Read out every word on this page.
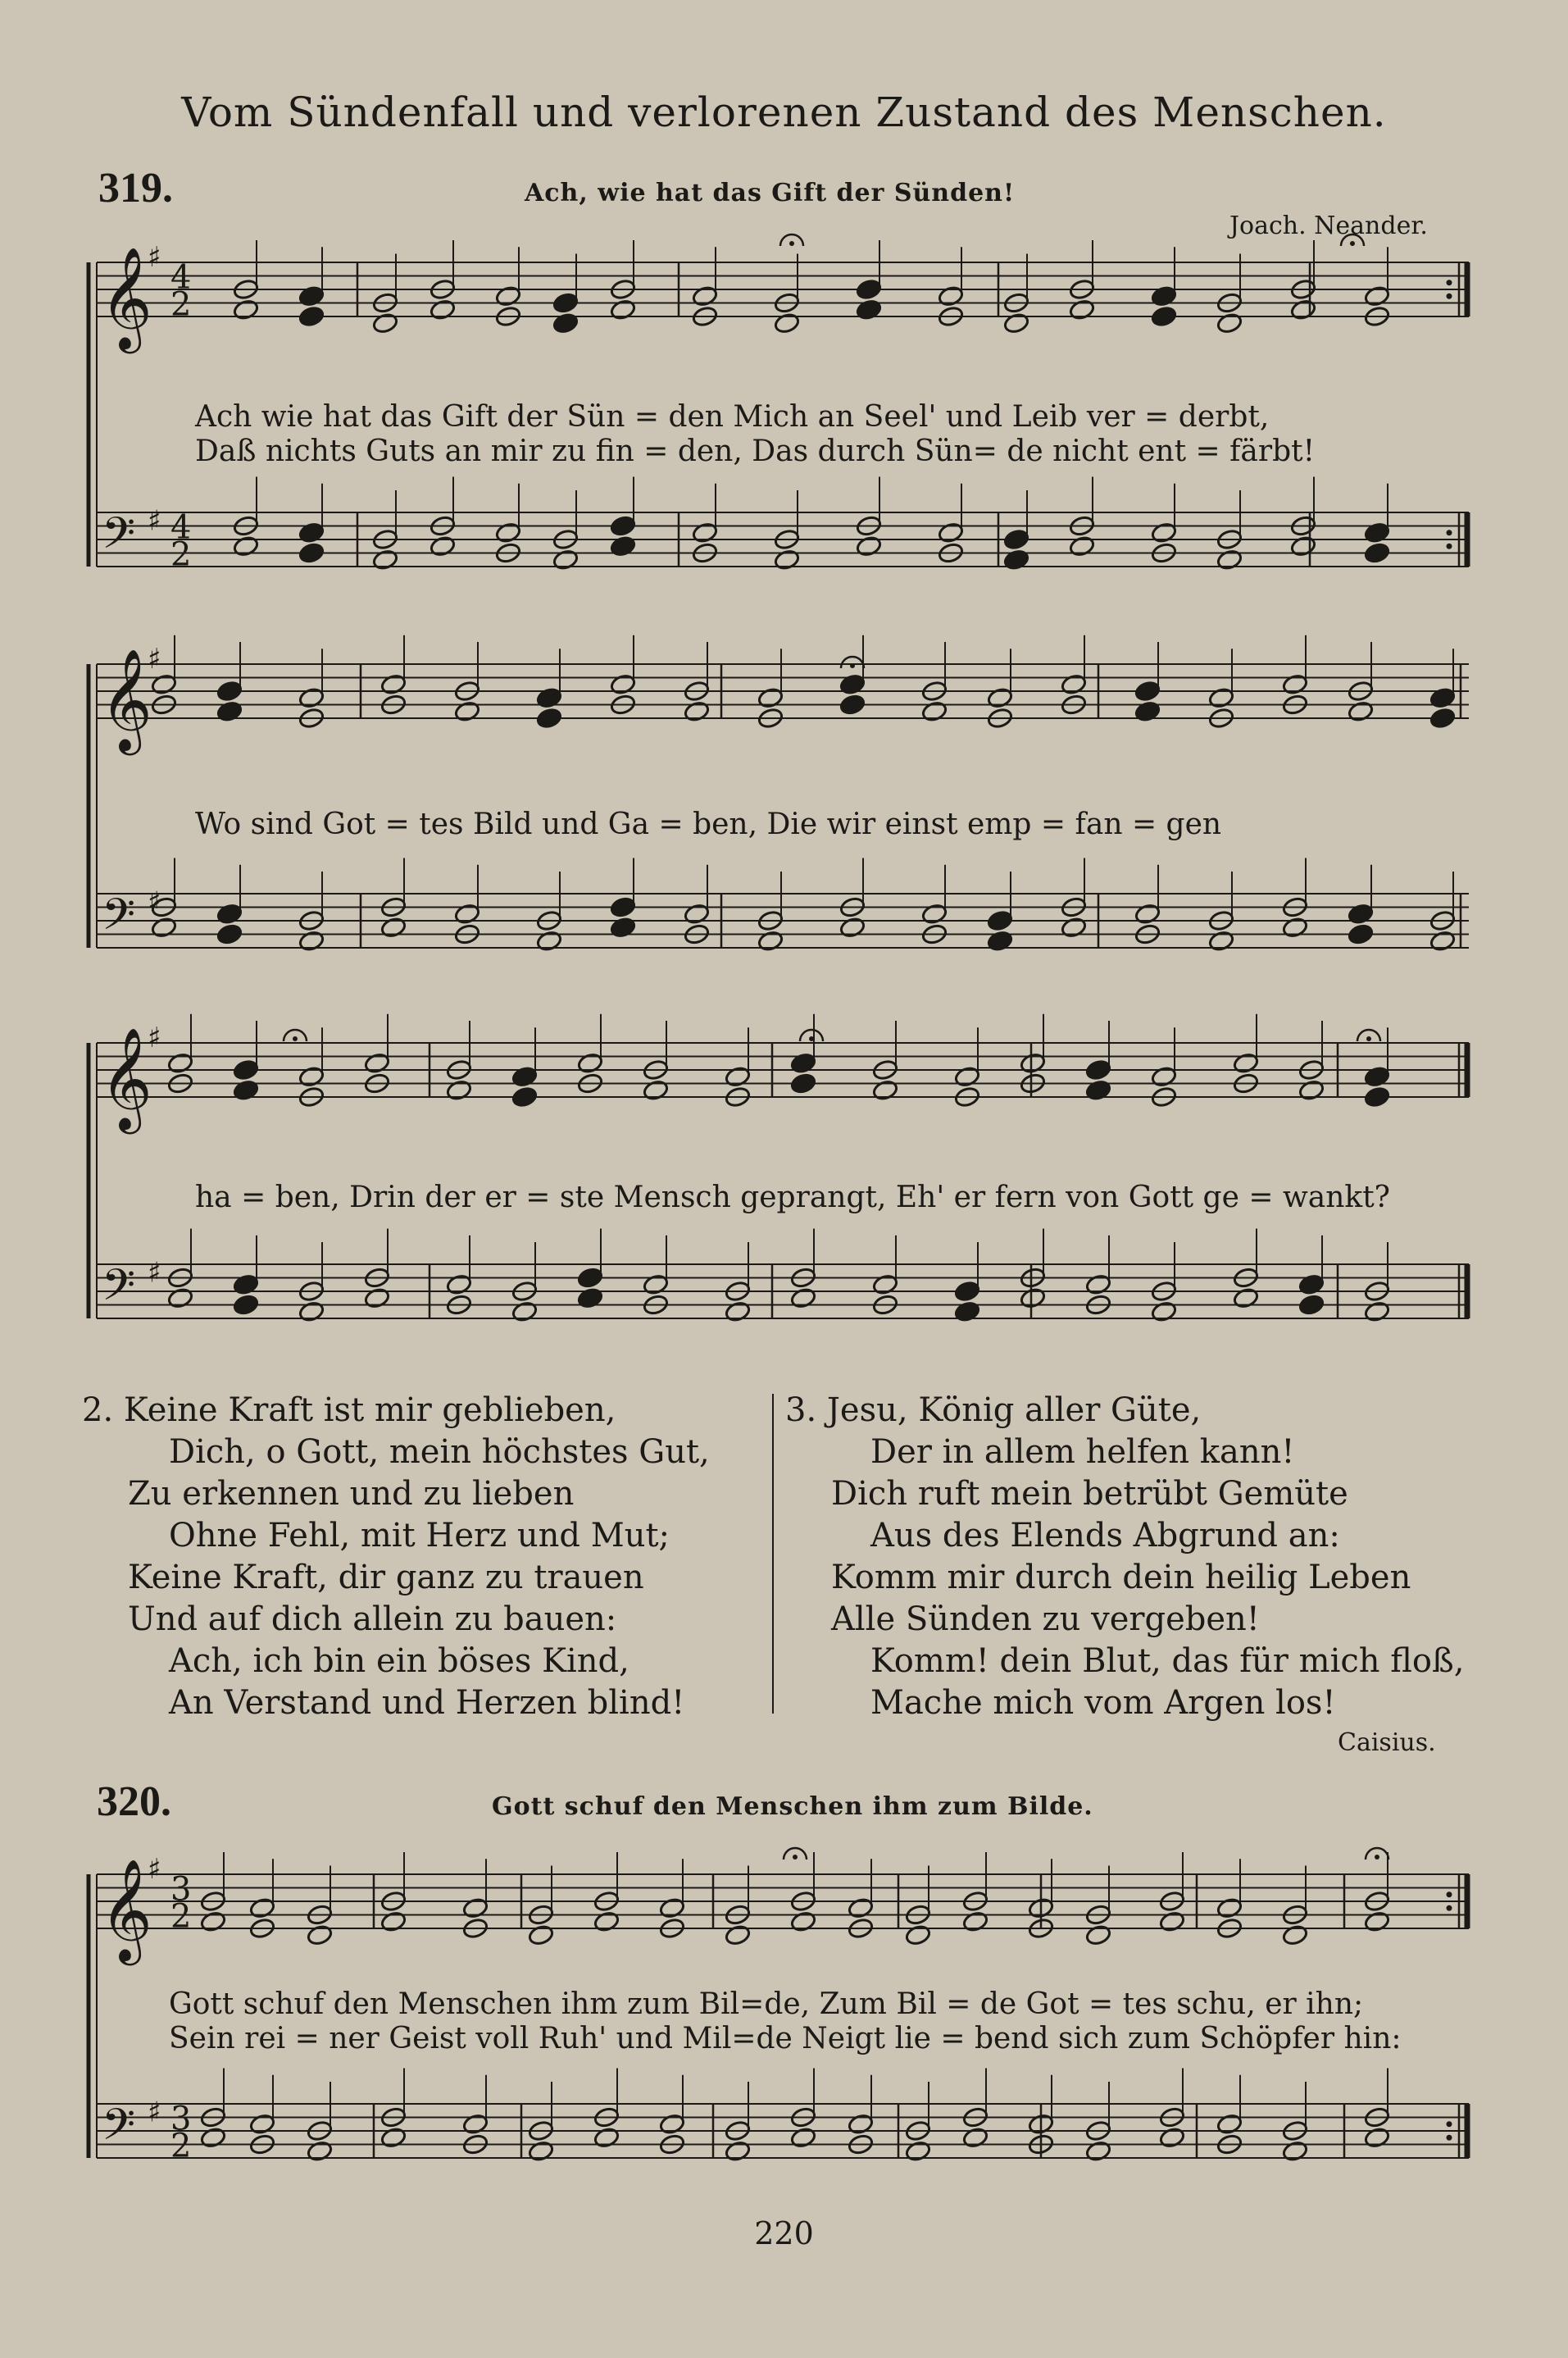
Vom Sündenfall und verlorenen Zustand des Menschen.
319.	Ach, wie hat das Gift der Sünden!
Joach. Neander.
𝄞
𝄢
♯
♯
4
2
4
2
𝄞
𝄢
♯
♯
𝄞
𝄢
♯
♯
𝄞
𝄢
♯
♯
3
2
3
2
Ach wie hat das Gift der Sün = den Mich an Seel' und Leib ver = derbt,
Daß nichts Guts an mir zu fin = den, Das durch Sün= de nicht ent = färbt!
Wo sind Got = tes Bild und Ga = ben, Die wir einst emp = fan = gen
ha = ben, Drin der er = ste Mensch geprangt, Eh' er fern von Gott ge = wankt?
2. Keine Kraft ist mir geblieben,
Dich, o Gott, mein höchstes Gut,
Zu erkennen und zu lieben
Ohne Fehl, mit Herz und Mut;
Keine Kraft, dir ganz zu trauen
Und auf dich allein zu bauen:
Ach, ich bin ein böses Kind,
An Verstand und Herzen blind!
3. Jesu, König aller Güte,
Der in allem helfen kann!
Dich ruft mein betrübt Gemüte
Aus des Elends Abgrund an:
Komm mir durch dein heilig Leben
Alle Sünden zu vergeben!
Komm! dein Blut, das für mich floß,
Mache mich vom Argen los!
Caisius.
320.	Gott schuf den Menschen ihm zum Bilde.
Gott schuf den Menschen ihm zum Bil=de, Zum Bil = de Got = tes schu, er ihn;
Sein rei = ner Geist voll Ruh' und Mil=de Neigt lie = bend sich zum Schöpfer hin:
220
